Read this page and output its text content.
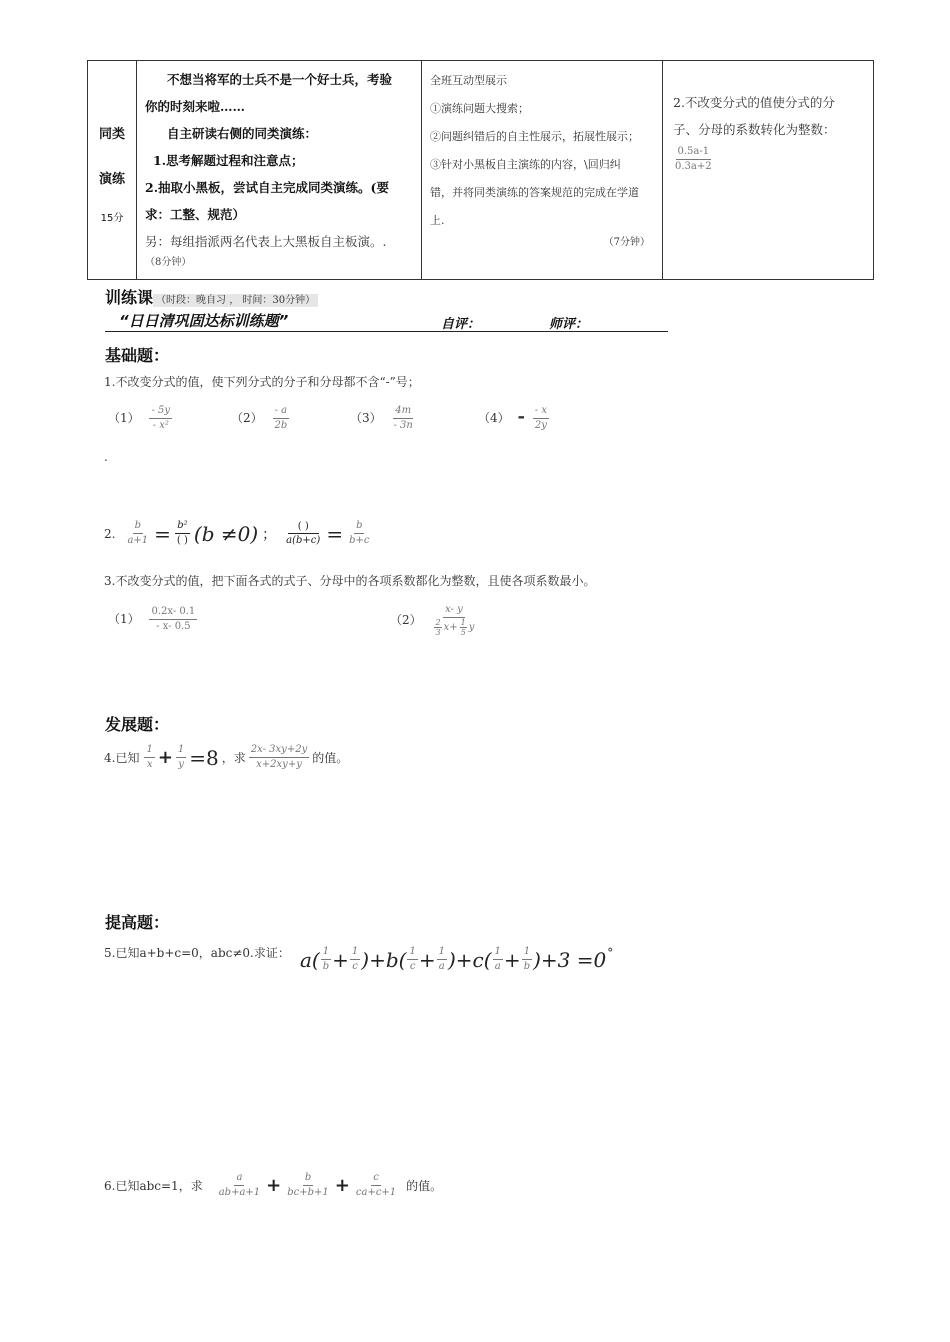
同类
演练
15分

不想当将军的士兵不是一个好士兵，考验
你的时刻来啦……
自主研读右侧的同类演练：
1.思考解题过程和注意点；
2.抽取小黑板，尝试自主完成同类演练。(要
求：工整、规范）
另：每组指派两名代表上大黑板自主板演。.
（8分钟）

全班互动型展示
①演练问题大搜索；
②问题纠错后的自主性展示，拓展性展示；
③针对小黑板自主演练的内容，\回归纠
错，并将同类演练的答案规范的完成在学道
上.
（7分钟）

2.不改变分式的值使分式的分
子、分母的系数转化为整数：
$\frac{0.5a-1}{0.3a+2}$
训练课 （时段：晚自习 ， 时间：30分钟）
“日日清巩固达标训练题”	自评：	师评：
基础题：
1.不改变分式的值，使下列分式的分子和分母都不含“-”号；
$(1) \frac{- 5y}{\text{- x²}}$	$(2) \frac{- a}{2b}$	$(3) \frac{4m}{- 3n}$	$(4) - \frac{- x}{2y}$
.
2. $\frac{b}{a+1} = \frac{\text{b²}}{( )} (b \ne 0)$ ； $\frac{( )}{a(b+c)} = \frac{b}{b+c}$
3.不改变分式的值，把下面各式的式子、分母中的各项系数都化为整数，且使各项系数最小。
$(1) \frac{0.2x- 0.1}{- x- 0.5}$	（2） x- y
2
3 $x+ \frac{1}{5}$ y
发展题：
4.已知 $\frac{1}{x} + \frac{1}{y} =8$ ，求 $\frac{2x- 3xy+2y}{x+2xy+y}$ 的值。
提高题：
5.已知a+b+c=0，abc≠0.求证： $a( \frac{1}{b} + \frac{1}{c} )+b( \frac{1}{c} + \frac{1}{a} )+c( \frac{1}{a} + \frac{1}{b} )+3 =0$ °
6.已知abc=1，求 $\frac{a}{ab+a+1} + \frac{b}{bc+b+1} + \frac{c}{ca+c+1}$ 的值。
